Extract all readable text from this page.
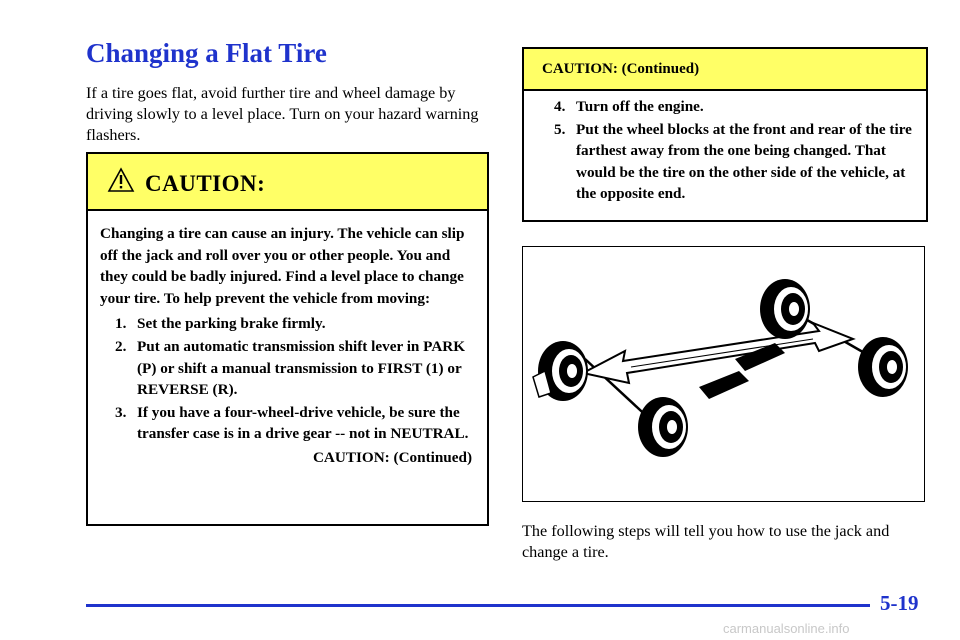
Changing a Flat Tire

If a tire goes flat, avoid further tire and wheel damage by driving slowly to a level place. Turn on your hazard warning flashers.

CAUTION:

Changing a tire can cause an injury. The vehicle can slip off the jack and roll over you or other people. You and they could be badly injured. Find a level place to change your tire. To help prevent the vehicle from moving:

1. Set the parking brake firmly.
2. Put an automatic transmission shift lever in PARK (P) or shift a manual transmission to FIRST (1) or REVERSE (R).
3. If you have a four-wheel-drive vehicle, be sure the transfer case is in a drive gear -- not in NEUTRAL.
CAUTION: (Continued)
CAUTION: (Continued)
4. Turn off the engine.
5. Put the wheel blocks at the front and rear of the tire farthest away from the one being changed. That would be the tire on the other side of the vehicle, at the opposite end.

The following steps will tell you how to use the jack and change a tire.

5-19
carmanualsonline.info
